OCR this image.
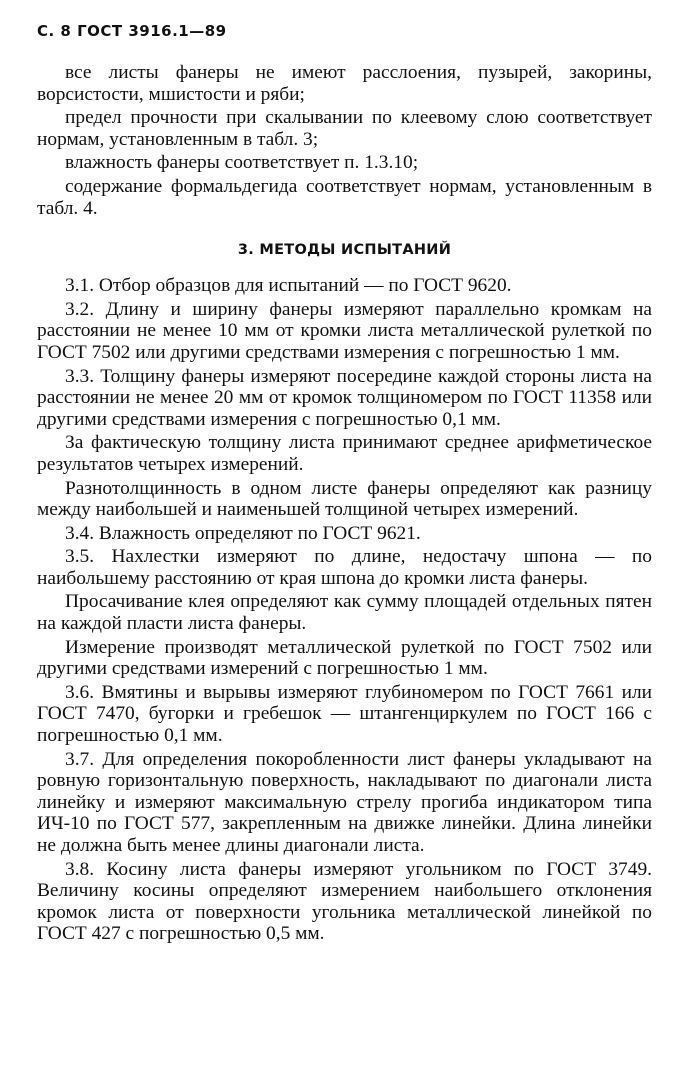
С. 8 ГОСТ 3916.1—89

все листы фанеры не имеют расслоения, пузырей, закорины, ворсистости, мшистости и ряби;

предел прочности при скалывании по клеевому слою соответствует нормам, установленным в табл. 3;

влажность фанеры соответствует п. 1.3.10;

содержание формальдегида соответствует нормам, установленным в табл. 4.

3. МЕТОДЫ ИСПЫТАНИЙ

3.1. Отбор образцов для испытаний — по ГОСТ 9620.

3.2. Длину и ширину фанеры измеряют параллельно кромкам на расстоянии не менее 10 мм от кромки листа металлической рулеткой по ГОСТ 7502 или другими средствами измерения с погрешностью 1 мм.

3.3. Толщину фанеры измеряют посередине каждой стороны листа на расстоянии не менее 20 мм от кромок толщиномером по ГОСТ 11358 или другими средствами измерения с погрешностью 0,1 мм.

За фактическую толщину листа принимают среднее арифметическое результатов четырех измерений.

Разнотолщинность в одном листе фанеры определяют как разницу между наибольшей и наименьшей толщиной четырех измерений.

3.4. Влажность определяют по ГОСТ 9621.

3.5. Нахлестки измеряют по длине, недостачу шпона — по наибольшему расстоянию от края шпона до кромки листа фанеры.

Просачивание клея определяют как сумму площадей отдельных пятен на каждой пласти листа фанеры.

Измерение производят металлической рулеткой по ГОСТ 7502 или другими средствами измерений с погрешностью 1 мм.

3.6. Вмятины и вырывы измеряют глубиномером по ГОСТ 7661 или ГОСТ 7470, бугорки и гребешок — штангенциркулем по ГОСТ 166 с погрешностью 0,1 мм.

3.7. Для определения покоробленности лист фанеры укладывают на ровную горизонтальную поверхность, накладывают по диагонали листа линейку и измеряют максимальную стрелу прогиба индикатором типа ИЧ-10 по ГОСТ 577, закрепленным на движке линейки. Длина линейки не должна быть менее длины диагонали листа.

3.8. Косину листа фанеры измеряют угольником по ГОСТ 3749. Величину косины определяют измерением наибольшего отклонения кромок листа от поверхности угольника металлической линейкой по ГОСТ 427 с погрешностью 0,5 мм.
